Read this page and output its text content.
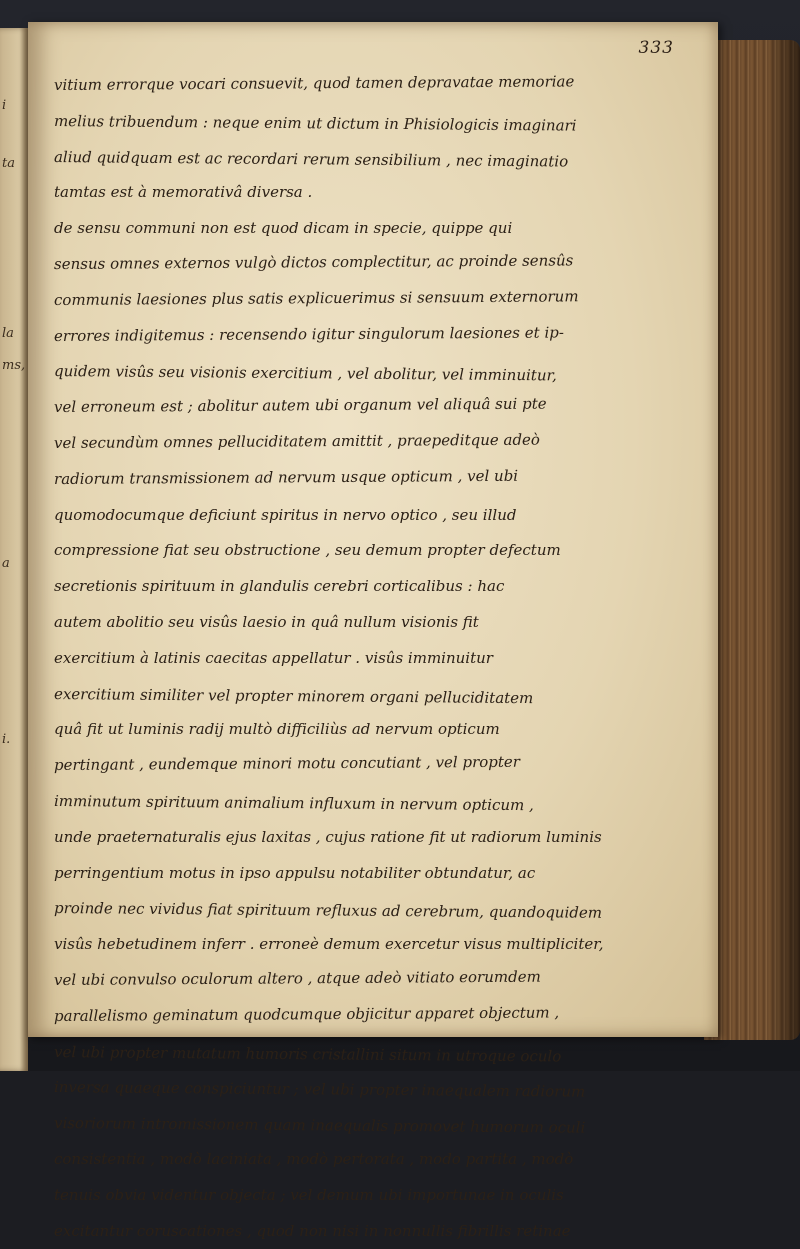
i
ta
la
ms,
a
i.
333
vitium errorque vocari consuevit, quod tamen depravatae memoriae
melius tribuendum : neque enim ut dictum in Phisiologicis imaginari
aliud quidquam est ac recordari rerum sensibilium , nec imaginatio
tamtas est à memorativâ diversa .
de sensu communi non est quod dicam in specie, quippe qui
sensus omnes externos vulgò dictos complectitur, ac proinde sensûs
communis laesiones plus satis explicuerimus si sensuum externorum
errores indigitemus : recensendo igitur singulorum laesiones et ip-
quidem visûs seu visionis exercitium , vel abolitur, vel imminuitur,
vel erroneum est ; abolitur autem ubi organum vel aliquâ sui pte
vel secundùm omnes pelluciditatem amittit , praepeditque adeò
radiorum transmissionem ad nervum usque opticum , vel ubi
quomodocumque deficiunt spiritus in nervo optico , seu illud
compressione fiat seu obstructione , seu demum propter defectum
secretionis spirituum in glandulis cerebri corticalibus : hac
autem abolitio seu visûs laesio in quâ nullum visionis fit
exercitium à latinis caecitas appellatur . visûs imminuitur
exercitium similiter vel propter minorem organi pelluciditatem
quâ fit ut luminis radij multò difficiliùs ad nervum opticum
pertingant , eundemque minori motu concutiant , vel propter
imminutum spirituum animalium influxum in nervum opticum ,
unde praeternaturalis ejus laxitas , cujus ratione fit ut radiorum luminis
perringentium motus in ipso appulsu notabiliter obtundatur, ac
proinde nec vividus fiat spirituum refluxus ad cerebrum, quandoquidem
visûs hebetudinem inferr . erroneè demum exercetur visus multipliciter,
vel ubi convulso oculorum altero , atque adeò vitiato eorumdem
parallelismo geminatum quodcumque objicitur apparet objectum ,
vel ubi propter mutatum humoris cristallini situm in utroque oculo
inversa quaeque conspiciuntur ; vel ubi propter inaequalem radiorum
visoriorum intromissionem quam inaequalis promovet humorum oculi
consistentia , modò laciniata , modò pertorata , modo partita , modò
tenuis obvia videntur objecta ; vel demum ubi importunae in oculis
excitantur coruscationes , quod non nisi in nonnullis fibrillis retinae
